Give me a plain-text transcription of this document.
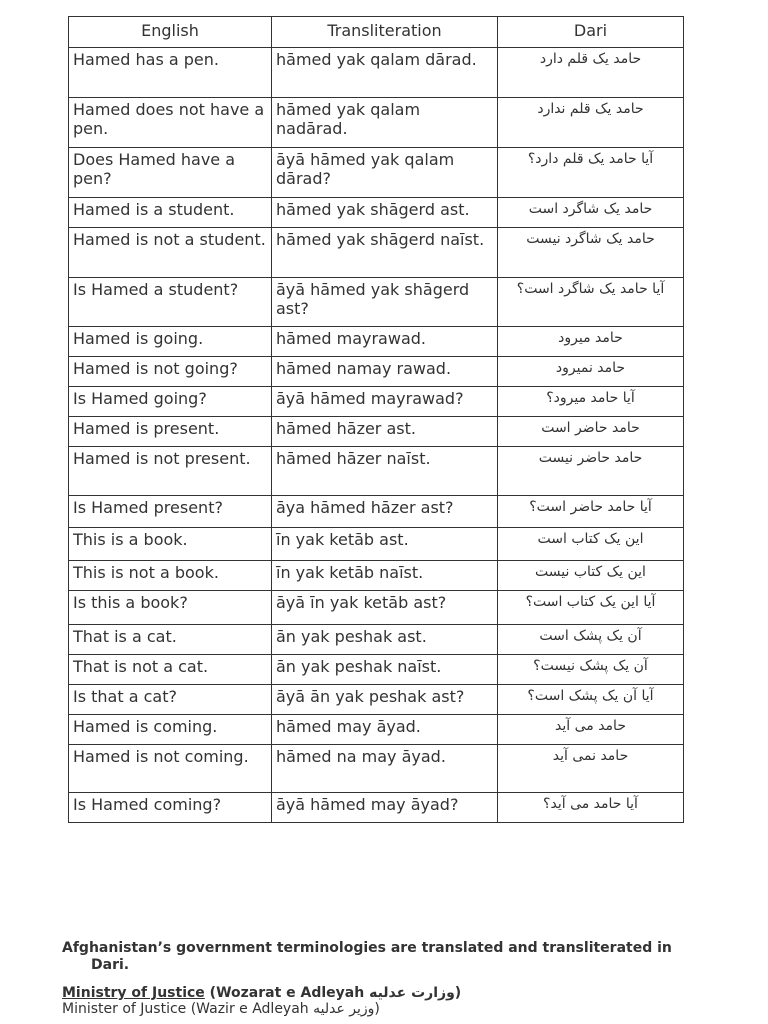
English	Transliteration	Dari
Hamed has a pen.	hāmed yak qalam dārad.	حامد یک قلم دارد
Hamed does not have a pen.	hāmed yak qalam nadārad.	حامد یک قلم ندارد
Does Hamed have a pen?	āyā hāmed yak qalam dārad?	آیا حامد یک قلم دارد؟
Hamed is a student.	hāmed yak shāgerd ast.	حامد یک شاگرد است
Hamed is not a student.	hāmed yak shāgerd naīst.	حامد یک شاگرد نیست
Is Hamed a student?	āyā hāmed yak shāgerd ast?	آیا حامد یک شاگرد است؟
Hamed is going.	hāmed mayrawad.	حامد میرود
Hamed is not going?	hāmed namay rawad.	حامد نمیرود
Is Hamed going?	āyā hāmed mayrawad?	آیا حامد میرود؟
Hamed is present.	hāmed hāzer ast.	حامد حاضر است
Hamed is not present.	hāmed hāzer naīst.	حامد حاضر نیست
Is Hamed present?	āya hāmed hāzer ast?	آیا حامد حاضر است؟
This is a book.	īn yak ketāb ast.	این یک کتاب است
This is not a book.	īn yak ketāb naīst.	این یک کتاب نیست
Is this a book?	āyā īn yak ketāb ast?	آیا این یک کتاب است؟
That is a cat.	ān yak peshak ast.	آن یک پشک است
That is not a cat.	ān yak peshak naīst.	آن یک پشک نیست؟
Is that a cat?	āyā ān yak peshak ast?	آیا آن یک پشک است؟
Hamed is coming.	hāmed may āyad.	حامد می آید
Hamed is not coming.	hāmed na may āyad.	حامد نمی آید
Is Hamed coming?	āyā hāmed may āyad?	آیا حامد می آید؟
Afghanistan’s government terminologies are translated and transliterated in
Dari.
Ministry of Justice (Wozarat e Adleyah وزارت عدلیه)
Minister of Justice (Wazir e Adleyah وزیر عدلیه)
